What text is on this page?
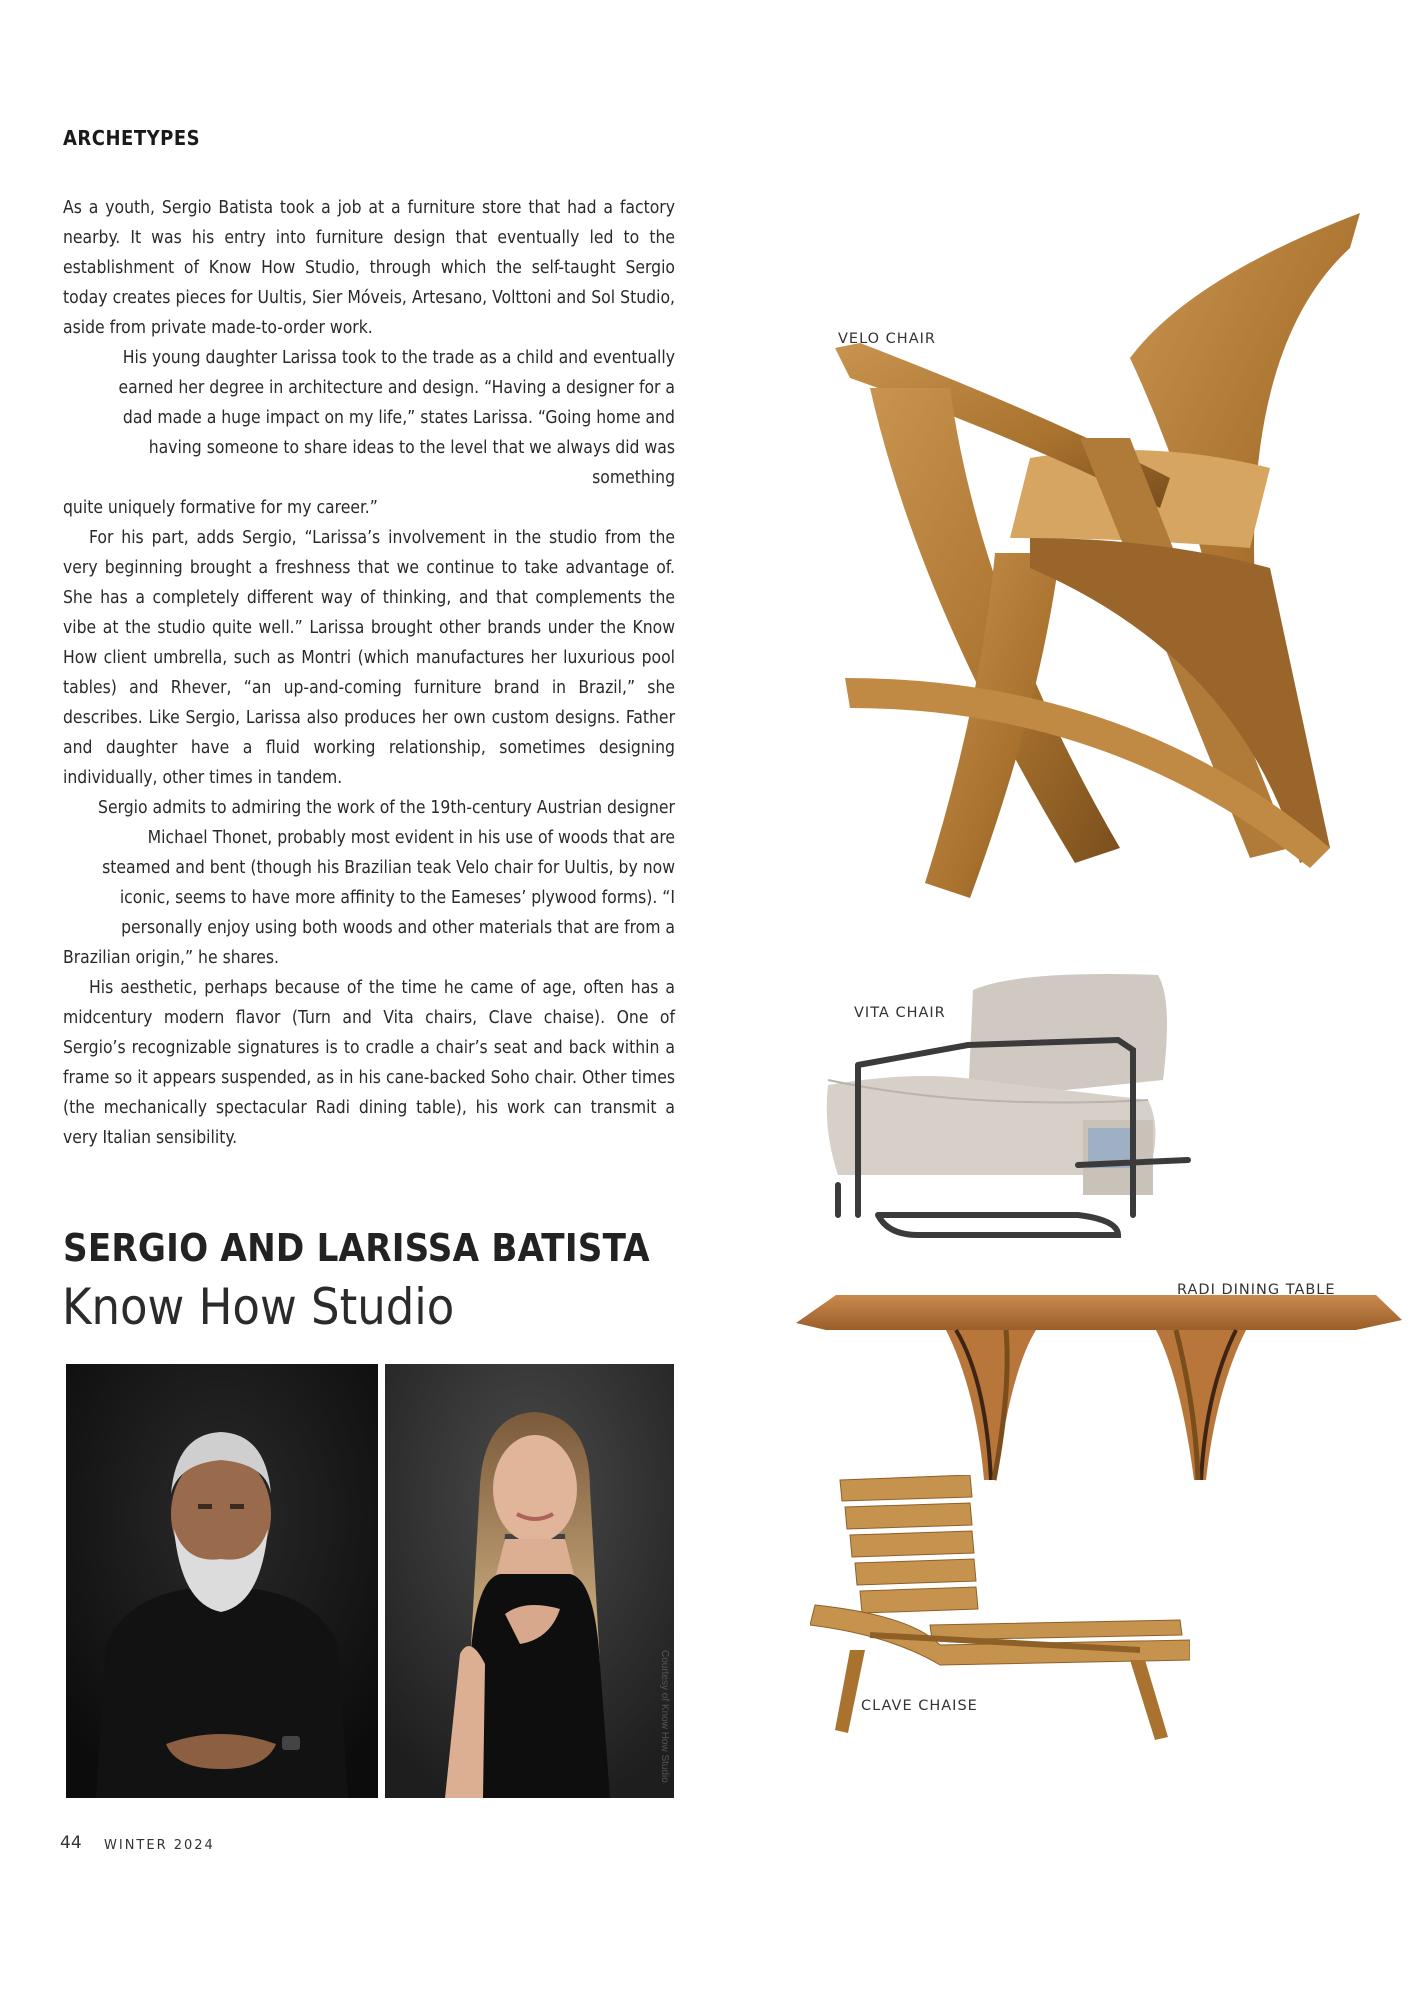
ARCHETYPES

As a youth, Sergio Batista took a job at a furniture store that had a factory nearby. It was his entry into furniture design that eventually led to the establishment of Know How Studio, through which the self-taught Sergio today creates pieces for Uultis, Sier Móveis, Artesano, Volttoni and Sol Studio, aside from private made-to-order work.

His young daughter Larissa took to the trade as a child and eventually
earned her degree in architecture and design. “Having a designer for a
dad made a huge impact on my life,” states Larissa. “Going home and
having someone to share ideas to the level that we always did was
something
quite uniquely formative for my career.”

For his part, adds Sergio, “Larissa’s involvement in the studio from the very beginning brought a freshness that we continue to take advantage of. She has a completely different way of thinking, and that complements the vibe at the studio quite well.” Larissa brought other brands under the Know How client umbrella, such as Montri (which manufactures her luxurious pool tables) and Rhever, “an up-and-coming furniture brand in Brazil,” she describes. Like Sergio, Larissa also produces her own custom designs. Father and daughter have a fluid working relationship, sometimes designing individually, other times in tandem.

Sergio admits to admiring the work of the 19th-century Austrian designer
Michael Thonet, probably most evident in his use of woods that are
steamed and bent (though his Brazilian teak Velo chair for Uultis, by now
iconic, seems to have more affinity to the Eameses’ plywood forms). “I
personally enjoy using both woods and other materials that are from a
Brazilian origin,” he shares.

His aesthetic, perhaps because of the time he came of age, often has a midcentury modern flavor (Turn and Vita chairs, Clave chaise). One of Sergio’s recognizable signatures is to cradle a chair’s seat and back within a frame so it appears suspended, as in his cane-backed Soho chair. Other times (the mechanically spectacular Radi dining table), his work can transmit a very Italian sensibility.

SERGIO AND LARISSA BATISTA
Know How Studio
Courtesy of Know How Studio
VELO CHAIR
VITA CHAIR
RADI DINING TABLE
CLAVE CHAISE
44 WINTER 2024
